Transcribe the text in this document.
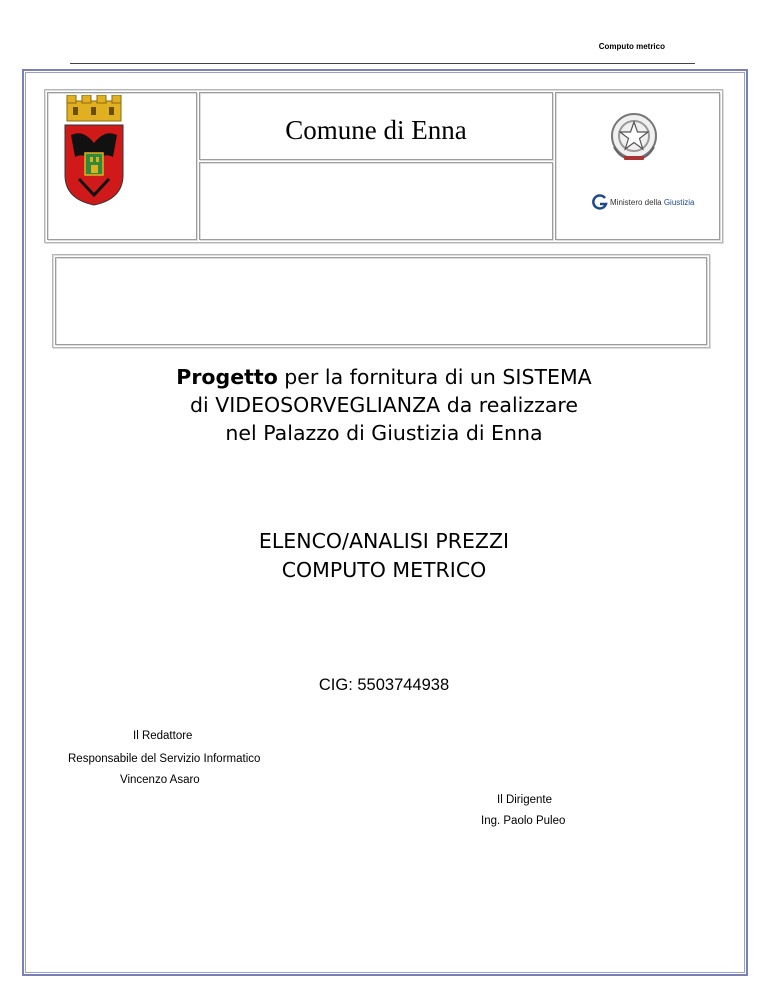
Computo metrico
Comune di Enna
Ministero della Giustizia
Progetto per la fornitura di un SISTEMA
di VIDEOSORVEGLIANZA da realizzare
nel Palazzo di Giustizia di Enna
ELENCO/ANALISI PREZZI
COMPUTO METRICO
CIG: 5503744938
Il Redattore
Responsabile del Servizio Informatico
Vincenzo Asaro
Il Dirigente
Ing. Paolo Puleo
